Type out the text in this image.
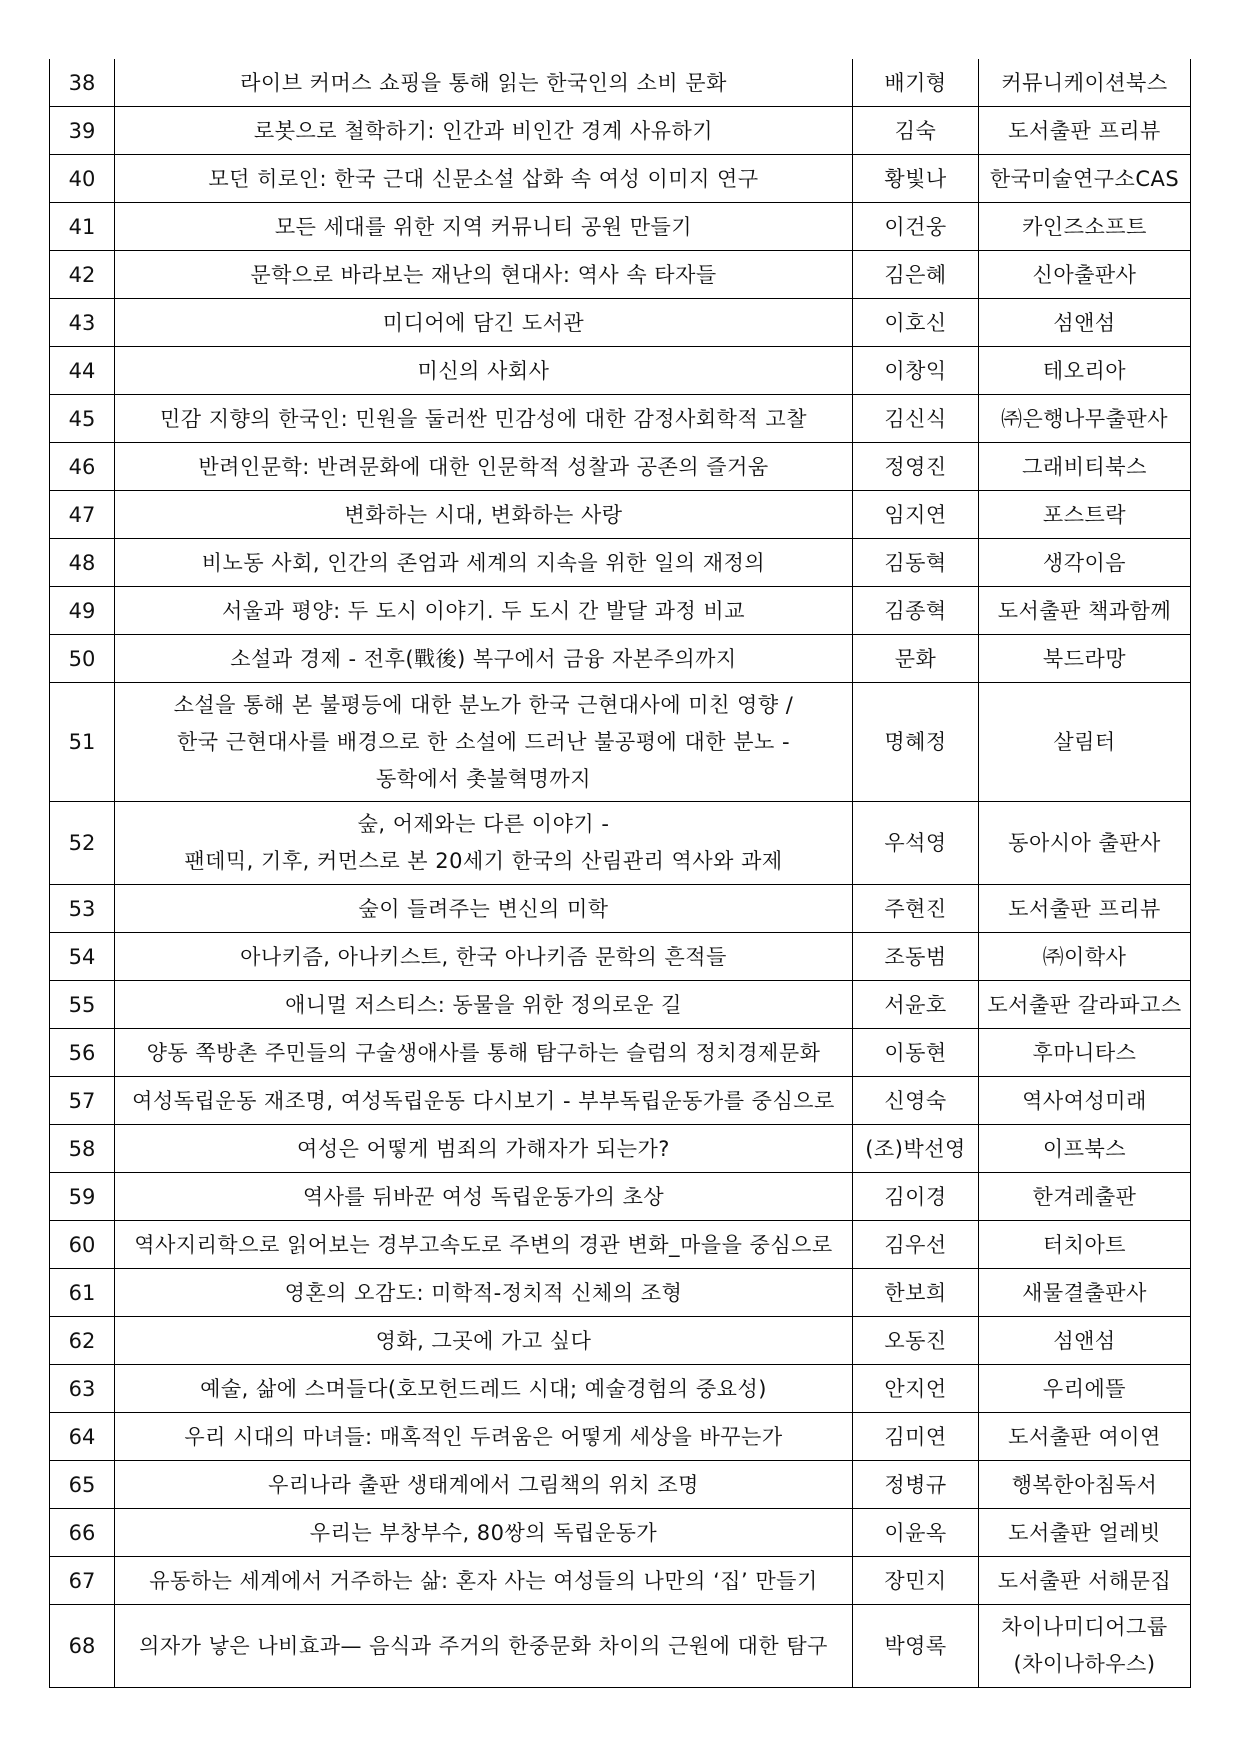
38	라이브 커머스 쇼핑을 통해 읽는 한국인의 소비 문화	배기형	커뮤니케이션북스
39	로봇으로 철학하기: 인간과 비인간 경계 사유하기	김숙	도서출판 프리뷰
40	모던 히로인: 한국 근대 신문소설 삽화 속 여성 이미지 연구	황빛나	한국미술연구소CAS
41	모든 세대를 위한 지역 커뮤니티 공원 만들기	이건웅	카인즈소프트
42	문학으로 바라보는 재난의 현대사: 역사 속 타자들	김은혜	신아출판사
43	미디어에 담긴 도서관	이호신	섬앤섬
44	미신의 사회사	이창익	테오리아
45	민감 지향의 한국인: 민원을 둘러싼 민감성에 대한 감정사회학적 고찰	김신식	㈜은행나무출판사
46	반려인문학: 반려문화에 대한 인문학적 성찰과 공존의 즐거움	정영진	그래비티북스
47	변화하는 시대, 변화하는 사랑	임지연	포스트락
48	비노동 사회, 인간의 존엄과 세계의 지속을 위한 일의 재정의	김동혁	생각이음
49	서울과 평양: 두 도시 이야기. 두 도시 간 발달 과정 비교	김종혁	도서출판 책과함께
50	소설과 경제 - 전후(戰後) 복구에서 금융 자본주의까지	문화	북드라망
51	소설을 통해 본 불평등에 대한 분노가 한국 근현대사에 미친 영향 /
한국 근현대사를 배경으로 한 소설에 드러난 불공평에 대한 분노 -
동학에서 촛불혁명까지	명혜정	살림터
52	숲, 어제와는 다른 이야기 -
팬데믹, 기후, 커먼스로 본 20세기 한국의 산림관리 역사와 과제	우석영	동아시아 출판사
53	숲이 들려주는 변신의 미학	주현진	도서출판 프리뷰
54	아나키즘, 아나키스트, 한국 아나키즘 문학의 흔적들	조동범	㈜이학사
55	애니멀 저스티스: 동물을 위한 정의로운 길	서윤호	도서출판 갈라파고스
56	양동 쪽방촌 주민들의 구술생애사를 통해 탐구하는 슬럼의 정치경제문화	이동현	후마니타스
57	여성독립운동 재조명, 여성독립운동 다시보기 - 부부독립운동가를 중심으로	신영숙	역사여성미래
58	여성은 어떻게 범죄의 가해자가 되는가?	(조)박선영	이프북스
59	역사를 뒤바꾼 여성 독립운동가의 초상	김이경	한겨레출판
60	역사지리학으로 읽어보는 경부고속도로 주변의 경관 변화_마을을 중심으로	김우선	터치아트
61	영혼의 오감도: 미학적-정치적 신체의 조형	한보희	새물결출판사
62	영화, 그곳에 가고 싶다	오동진	섬앤섬
63	예술, 삶에 스며들다(호모헌드레드 시대; 예술경험의 중요성)	안지언	우리에뜰
64	우리 시대의 마녀들: 매혹적인 두려움은 어떻게 세상을 바꾸는가	김미연	도서출판 여이연
65	우리나라 출판 생태계에서 그림책의 위치 조명	정병규	행복한아침독서
66	우리는 부창부수, 80쌍의 독립운동가	이윤옥	도서출판 얼레빗
67	유동하는 세계에서 거주하는 삶: 혼자 사는 여성들의 나만의 ‘집’ 만들기	장민지	도서출판 서해문집
68	의자가 낳은 나비효과— 음식과 주거의 한중문화 차이의 근원에 대한 탐구	박영록	차이나미디어그룹
(차이나하우스)
